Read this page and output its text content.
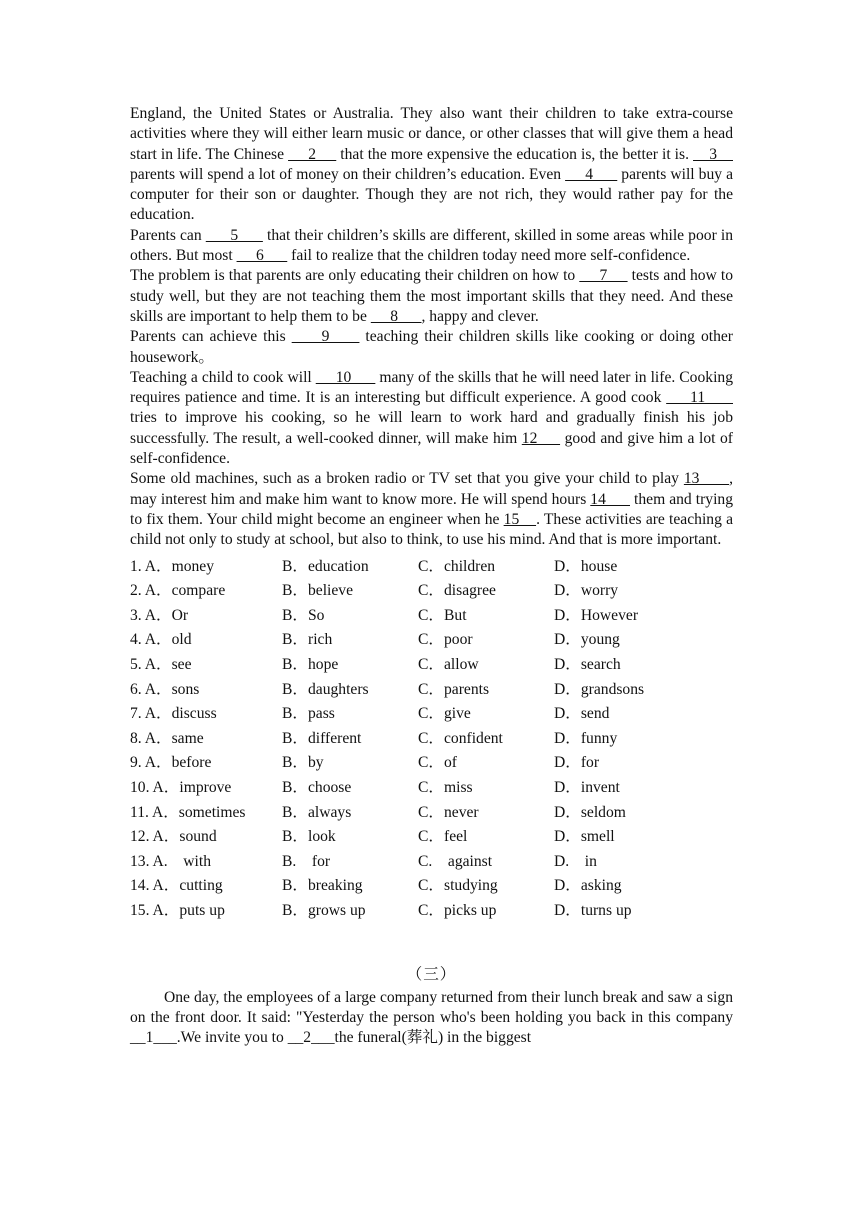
England, the United States or Australia. They also want their children to take extra-course activities where they will either learn music or dance, or other classes that will give them a head start in life. The Chinese      2      that the more expensive the education is, the better it is.     3     parents will spend a lot of money on their children’s education. Even      4       parents will buy a computer for their son or daughter. Though they are not rich, they would rather pay for the education.

Parents can       5       that their children’s skills are different, skilled in some areas while poor in others. But most      6       fail to realize that the children today need more self-confidence.

The problem is that parents are only educating their children on how to      7      tests and how to study well, but they are not teaching them the most important skills that they need. And these skills are important to help them to be      8      , happy and clever.

Parents can achieve this      9      teaching their children skills like cooking or doing other housework。

Teaching a child to cook will      10       many of the skills that he will need later in life. Cooking requires patience and time. It is an interesting but difficult experience. A good cook      11       tries to improve his cooking, so he will learn to work hard and gradually finish his job successfully. The result, a well-cooked dinner, will make him 12      good and give him a lot of self-confidence.

Some old machines, such as a broken radio or TV set that you give your child to play 13      , may interest him and make him want to know more. He will spend hours 14       them and trying to fix them. Your child might become an engineer when he 15    . These activities are teaching a child not only to study at school, but also to think, to use his mind. And that is more important.

1. A．money	B．education	C．children	D．house
2. A．compare	B．believe	C．disagree	D．worry
3. A．Or	B．So	C．But	D．However
4. A．old	B．rich	C．poor	D．young
5. A．see	B．hope	C．allow	D．search
6. A．sons	B．daughters	C．parents	D．grandsons
7. A．discuss	B．pass	C．give	D．send
8. A．same	B．different	C．confident	D．funny
9. A．before	B．by	C．of	D．for
10. A．improve	B．choose	C．miss	D．invent
11. A．sometimes	B．always	C．never	D．seldom
12. A．sound	B．look	C．feel	D．smell
13. A.    with	B.    for	C.    against	D.    in
14. A．cutting	B．breaking	C．studying	D．asking
15. A．puts up	B．grows up	C．picks up	D．turns up
（三）

One day, the employees of a large company returned from their lunch break and saw a sign on the front door. It said: "Yesterday the person who's been holding you back in this company __1___.We invite you to __2___the funeral(葬礼) in the biggest
